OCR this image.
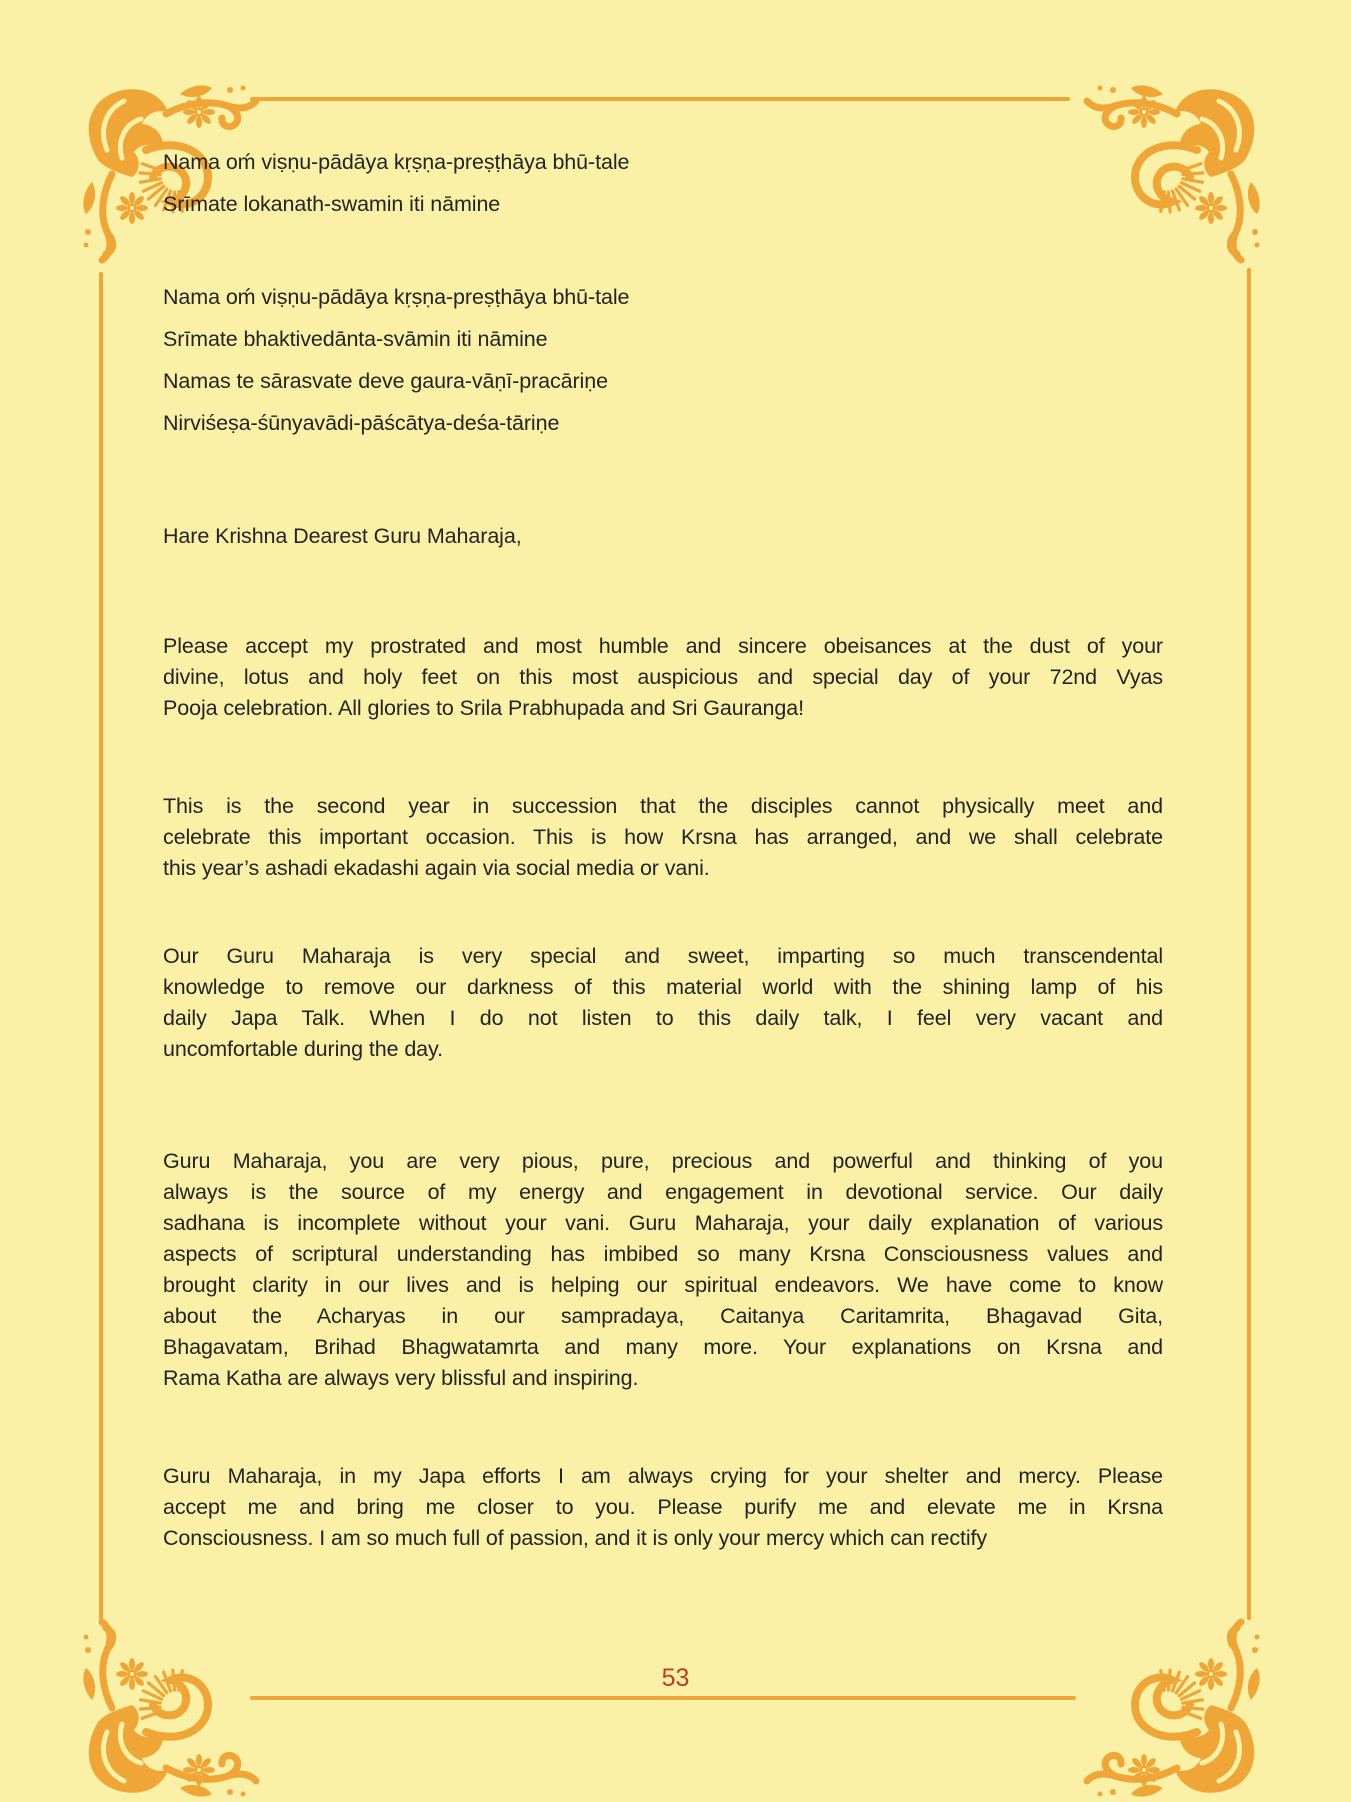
Nama oḿ viṣṇu-pādāya kṛṣṇa-preṣṭhāya bhū-tale
Srīmate lokanath-swamin iti nāmine
Nama oḿ viṣṇu-pādāya kṛṣṇa-preṣṭhāya bhū-tale
Srīmate bhaktivedānta-svāmin iti nāmine
Namas te sārasvate deve gaura-vāṇī-pracāriṇe
Nirviśeṣa-śūnyavādi-pāścātya-deśa-tāriṇe
Hare Krishna Dearest Guru Maharaja,
Please accept my prostrated and most humble and sincere obeisances at the dust of your
divine, lotus and holy feet on this most auspicious and special day of your 72nd Vyas
Pooja celebration. All glories to Srila Prabhupada and Sri Gauranga!
This is the second year in succession that the disciples cannot physically meet and
celebrate this important occasion. This is how Krsna has arranged, and we shall celebrate
this year’s ashadi ekadashi again via social media or vani.
Our Guru Maharaja is very special and sweet, imparting so much transcendental
knowledge to remove our darkness of this material world with the shining lamp of his
daily Japa Talk. When I do not listen to this daily talk, I feel very vacant and
uncomfortable during the day.
Guru Maharaja, you are very pious, pure, precious and powerful and thinking of you
always is the source of my energy and engagement in devotional service. Our daily
sadhana is incomplete without your vani. Guru Maharaja, your daily explanation of various
aspects of scriptural understanding has imbibed so many Krsna Consciousness values and
brought clarity in our lives and is helping our spiritual endeavors. We have come to know
about the Acharyas in our sampradaya, Caitanya Caritamrita, Bhagavad Gita,
Bhagavatam, Brihad Bhagwatamrta and many more. Your explanations on Krsna and
Rama Katha are always very blissful and inspiring.
Guru Maharaja, in my Japa efforts I am always crying for your shelter and mercy. Please
accept me and bring me closer to you. Please purify me and elevate me in Krsna
Consciousness. I am so much full of passion, and it is only your mercy which can rectify
53
